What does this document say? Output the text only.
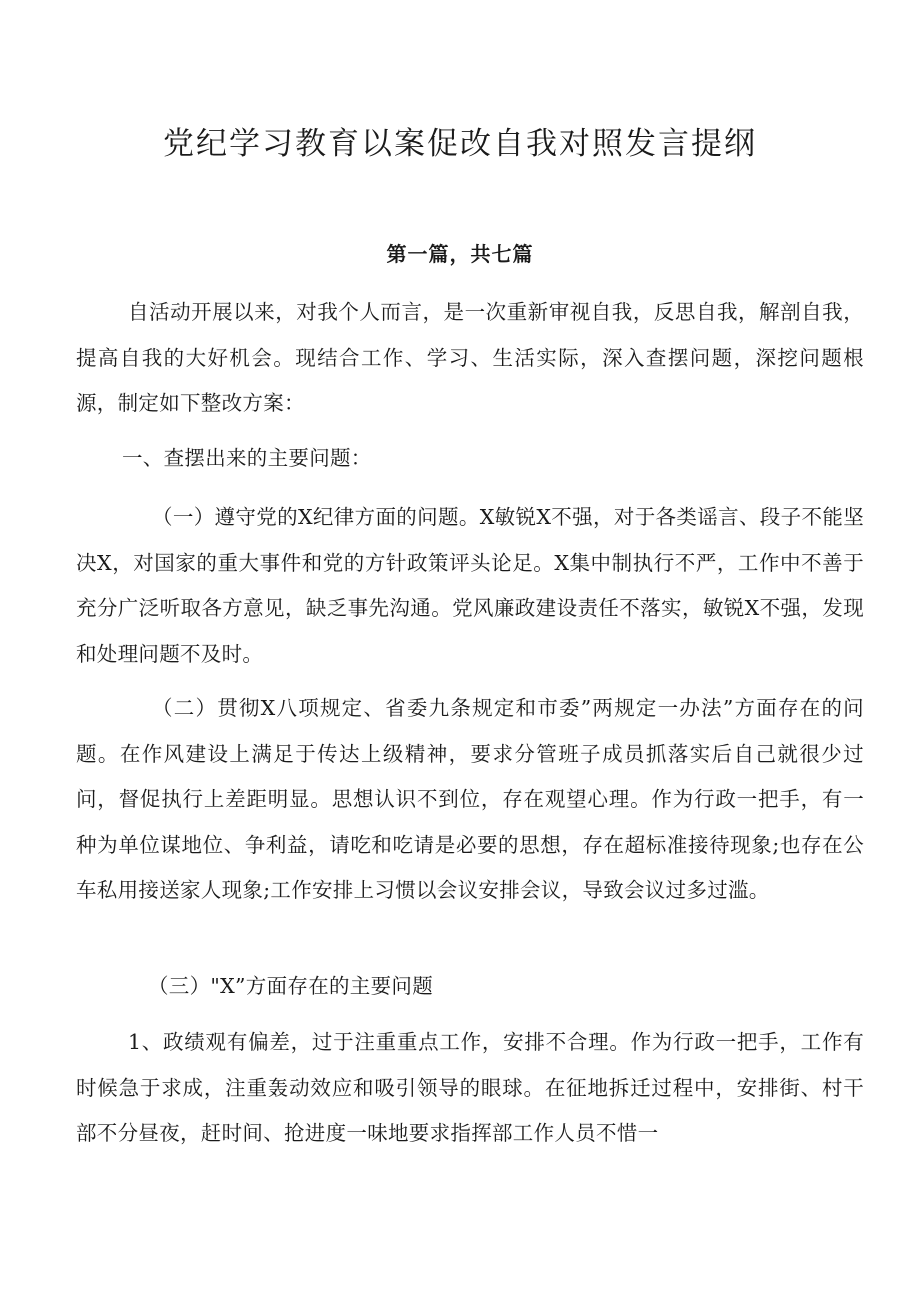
党纪学习教育以案促改自我对照发言提纲
第一篇，共七篇

自活动开展以来，对我个人而言，是一次重新审视自我，反思自我，解剖自我，提高自我的大好机会。现结合工作、学习、生活实际，深入查摆问题，深挖问题根源，制定如下整改方案：

一、查摆出来的主要问题：

（一）遵守党的X纪律方面的问题。X敏锐X不强，对于各类谣言、段子不能坚决X，对国家的重大事件和党的方针政策评头论足。X集中制执行不严，工作中不善于充分广泛听取各方意见，缺乏事先沟通。党风廉政建设责任不落实，敏锐X不强，发现和处理问题不及时。

（二）贯彻X八项规定、省委九条规定和市委”两规定一办法”方面存在的问题。在作风建设上满足于传达上级精神，要求分管班子成员抓落实后自己就很少过问，督促执行上差距明显。思想认识不到位，存在观望心理。作为行政一把手，有一种为单位谋地位、争利益，请吃和吃请是必要的思想，存在超标准接待现象;也存在公车私用接送家人现象;工作安排上习惯以会议安排会议，导致会议过多过滥。

（三）"X”方面存在的主要问题

1、政绩观有偏差，过于注重重点工作，安排不合理。作为行政一把手，工作有时候急于求成，注重轰动效应和吸引领导的眼球。在征地拆迁过程中，安排街、村干部不分昼夜，赶时间、抢进度一味地要求指挥部工作人员不惜一
